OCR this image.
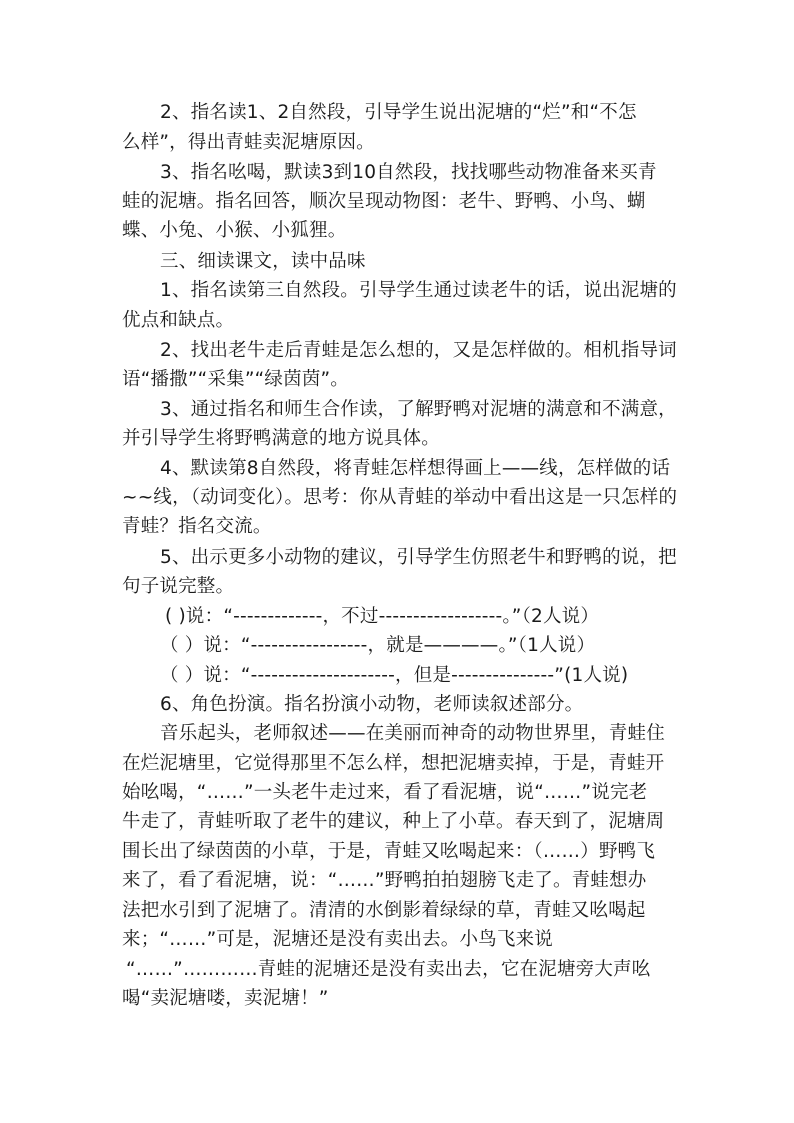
2、指名读1、2自然段，引导学生说出泥塘的“烂”和“不怎
么样”，得出青蛙卖泥塘原因。
3、指名吆喝，默读3到10自然段，找找哪些动物准备来买青
蛙的泥塘。指名回答，顺次呈现动物图：老牛、野鸭、小鸟、蝴
蝶、小兔、小猴、小狐狸。
三、细读课文，读中品味
1、指名读第三自然段。引导学生通过读老牛的话，说出泥塘的
优点和缺点。
2、找出老牛走后青蛙是怎么想的，又是怎样做的。相机指导词
语“播撒”“采集”“绿茵茵”。
3、通过指名和师生合作读，了解野鸭对泥塘的满意和不满意，
并引导学生将野鸭满意的地方说具体。
4、默读第8自然段，将青蛙怎样想得画上——线，怎样做的话
~~线，（动词变化）。思考：你从青蛙的举动中看出这是一只怎样的
青蛙？指名交流。
5、出示更多小动物的建议，引导学生仿照老牛和野鸭的说，把
句子说完整。
( )说：“-------------，不过------------------。”（2人说）
（ ）说：“-----------------，就是————。”（1人说）
（ ）说：“---------------------，但是---------------”(1人说)
6、角色扮演。指名扮演小动物，老师读叙述部分。
音乐起头，老师叙述——在美丽而神奇的动物世界里，青蛙住
在烂泥塘里，它觉得那里不怎么样，想把泥塘卖掉，于是，青蛙开
始吆喝，“……”一头老牛走过来，看了看泥塘，说“……”说完老
牛走了，青蛙听取了老牛的建议，种上了小草。春天到了，泥塘周
围长出了绿茵茵的小草，于是，青蛙又吆喝起来：（……）野鸭飞
来了，看了看泥塘，说：“……”野鸭拍拍翅膀飞走了。青蛙想办
法把水引到了泥塘了。清清的水倒影着绿绿的草，青蛙又吆喝起
来；“……”可是，泥塘还是没有卖出去。小鸟飞来说
“……”…………青蛙的泥塘还是没有卖出去，它在泥塘旁大声吆
喝“卖泥塘喽，卖泥塘！”
